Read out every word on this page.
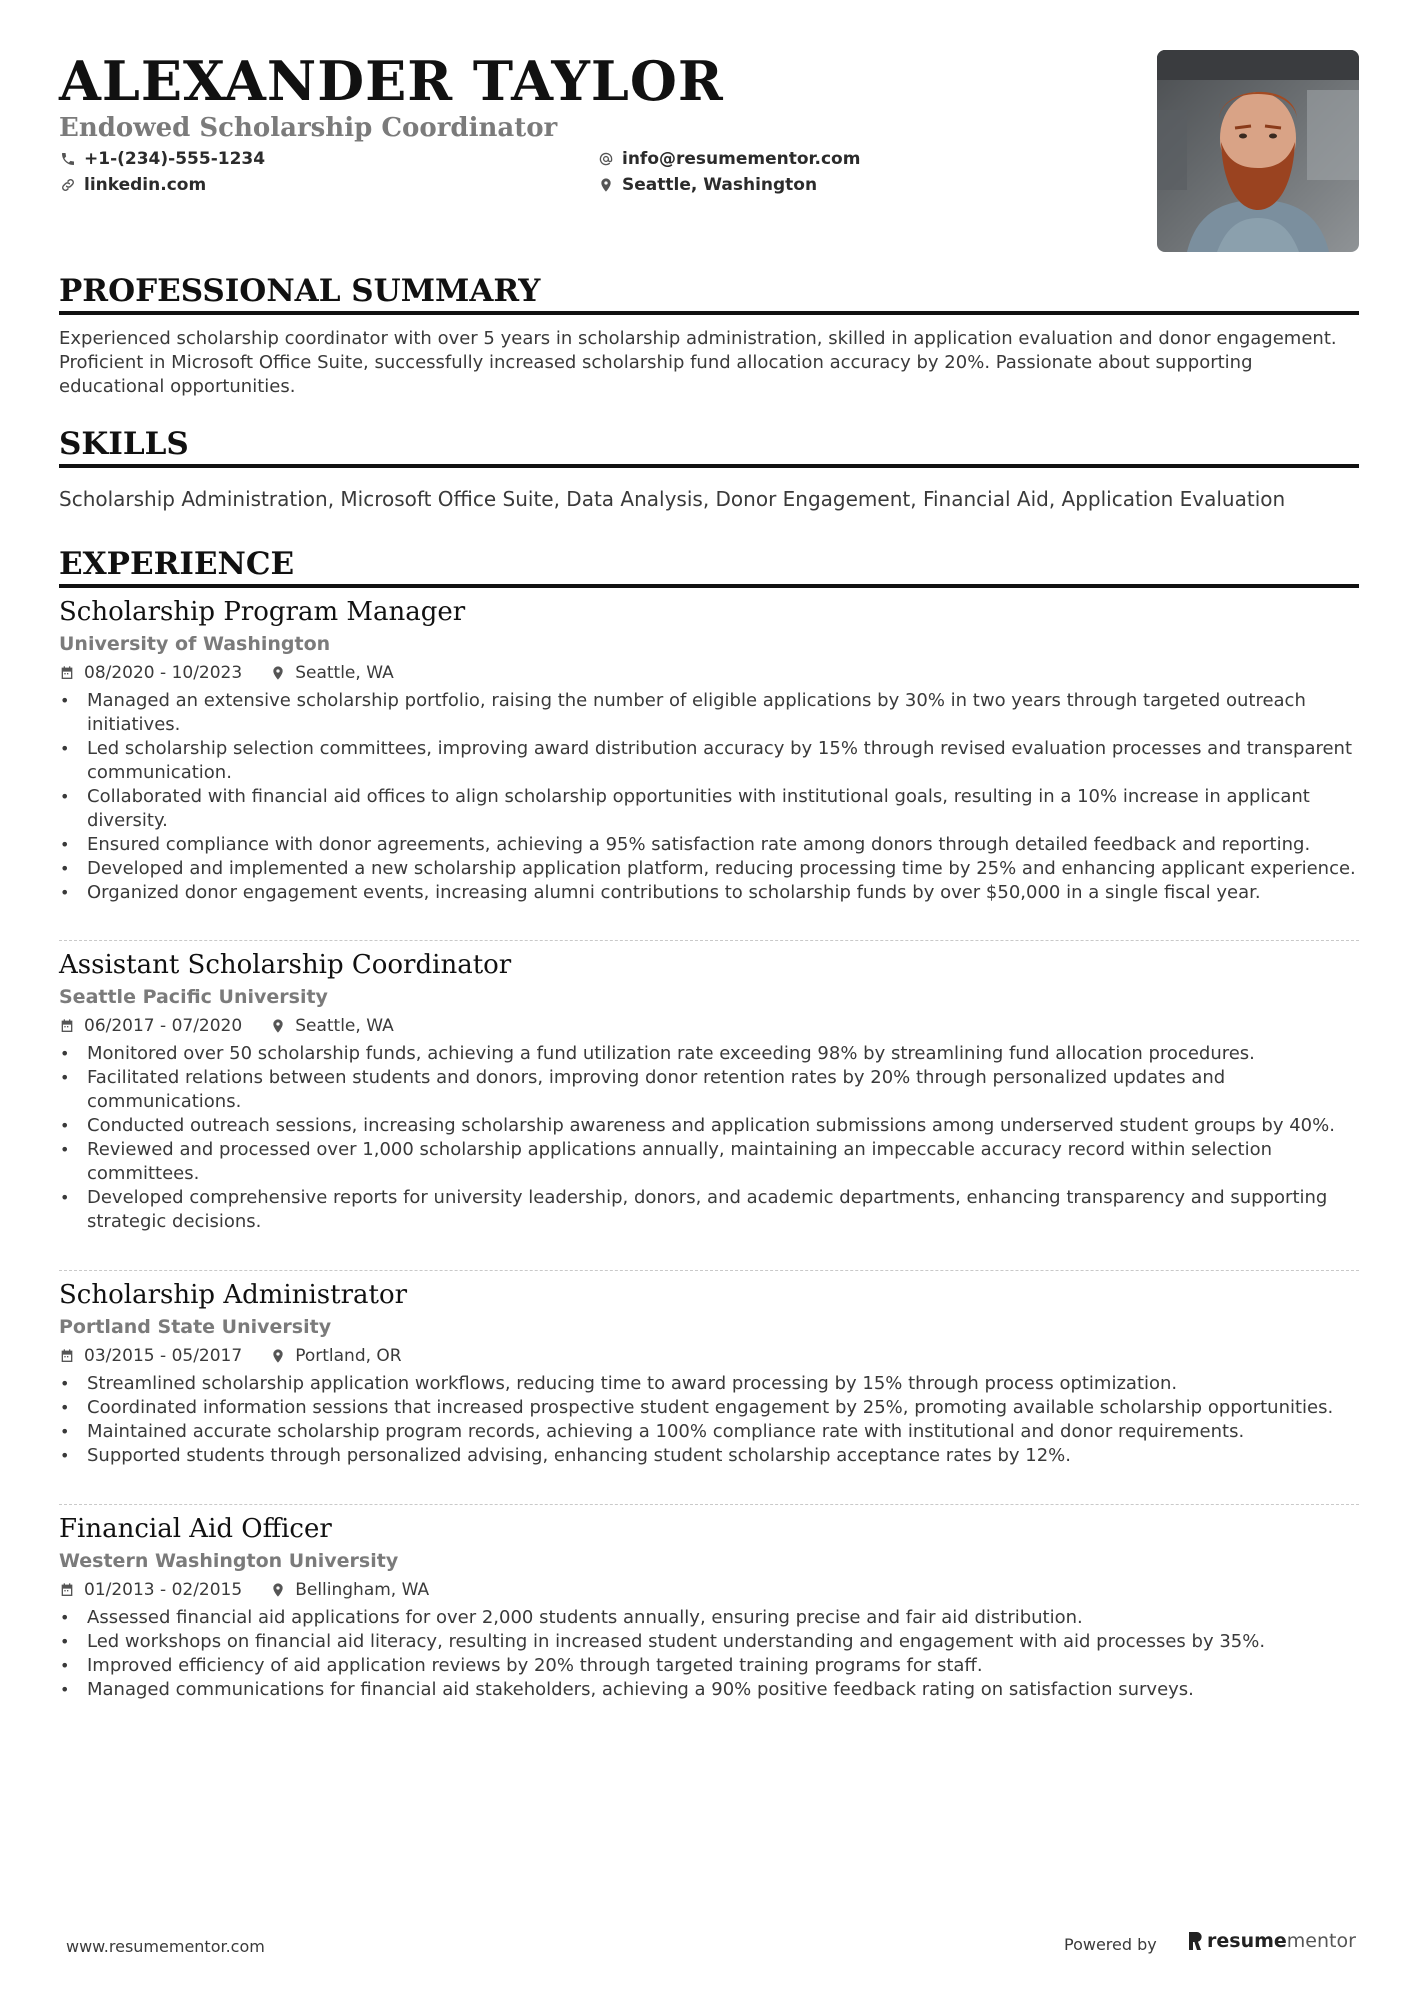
ALEXANDER TAYLOR
Endowed Scholarship Coordinator
+1-(234)-555-1234
linkedin.com
info@resumementor.com
Seattle, Washington
PROFESSIONAL SUMMARY
Experienced scholarship coordinator with over 5 years in scholarship administration, skilled in application evaluation and donor engagement. Proficient in Microsoft Office Suite, successfully increased scholarship fund allocation accuracy by 20%. Passionate about supporting educational opportunities.
SKILLS
Scholarship Administration, Microsoft Office Suite, Data Analysis, Donor Engagement, Financial Aid, Application Evaluation
EXPERIENCE
Scholarship Program Manager
University of Washington
08/2020 - 10/2023	Seattle, WA
• Managed an extensive scholarship portfolio, raising the number of eligible applications by 30% in two years through targeted outreach initiatives.
• Led scholarship selection committees, improving award distribution accuracy by 15% through revised evaluation processes and transparent communication.
• Collaborated with financial aid offices to align scholarship opportunities with institutional goals, resulting in a 10% increase in applicant diversity.
• Ensured compliance with donor agreements, achieving a 95% satisfaction rate among donors through detailed feedback and reporting.
• Developed and implemented a new scholarship application platform, reducing processing time by 25% and enhancing applicant experience.
• Organized donor engagement events, increasing alumni contributions to scholarship funds by over $50,000 in a single fiscal year.
Assistant Scholarship Coordinator
Seattle Pacific University
06/2017 - 07/2020	Seattle, WA
• Monitored over 50 scholarship funds, achieving a fund utilization rate exceeding 98% by streamlining fund allocation procedures.
• Facilitated relations between students and donors, improving donor retention rates by 20% through personalized updates and communications.
• Conducted outreach sessions, increasing scholarship awareness and application submissions among underserved student groups by 40%.
• Reviewed and processed over 1,000 scholarship applications annually, maintaining an impeccable accuracy record within selection committees.
• Developed comprehensive reports for university leadership, donors, and academic departments, enhancing transparency and supporting strategic decisions.
Scholarship Administrator
Portland State University
03/2015 - 05/2017	Portland, OR
• Streamlined scholarship application workflows, reducing time to award processing by 15% through process optimization.
• Coordinated information sessions that increased prospective student engagement by 25%, promoting available scholarship opportunities.
• Maintained accurate scholarship program records, achieving a 100% compliance rate with institutional and donor requirements.
• Supported students through personalized advising, enhancing student scholarship acceptance rates by 12%.
Financial Aid Officer
Western Washington University
01/2013 - 02/2015	Bellingham, WA
• Assessed financial aid applications for over 2,000 students annually, ensuring precise and fair aid distribution.
• Led workshops on financial aid literacy, resulting in increased student understanding and engagement with aid processes by 35%.
• Improved efficiency of aid application reviews by 20% through targeted training programs for staff.
• Managed communications for financial aid stakeholders, achieving a 90% positive feedback rating on satisfaction surveys.
www.resumementor.com	Powered by	resume mentor
